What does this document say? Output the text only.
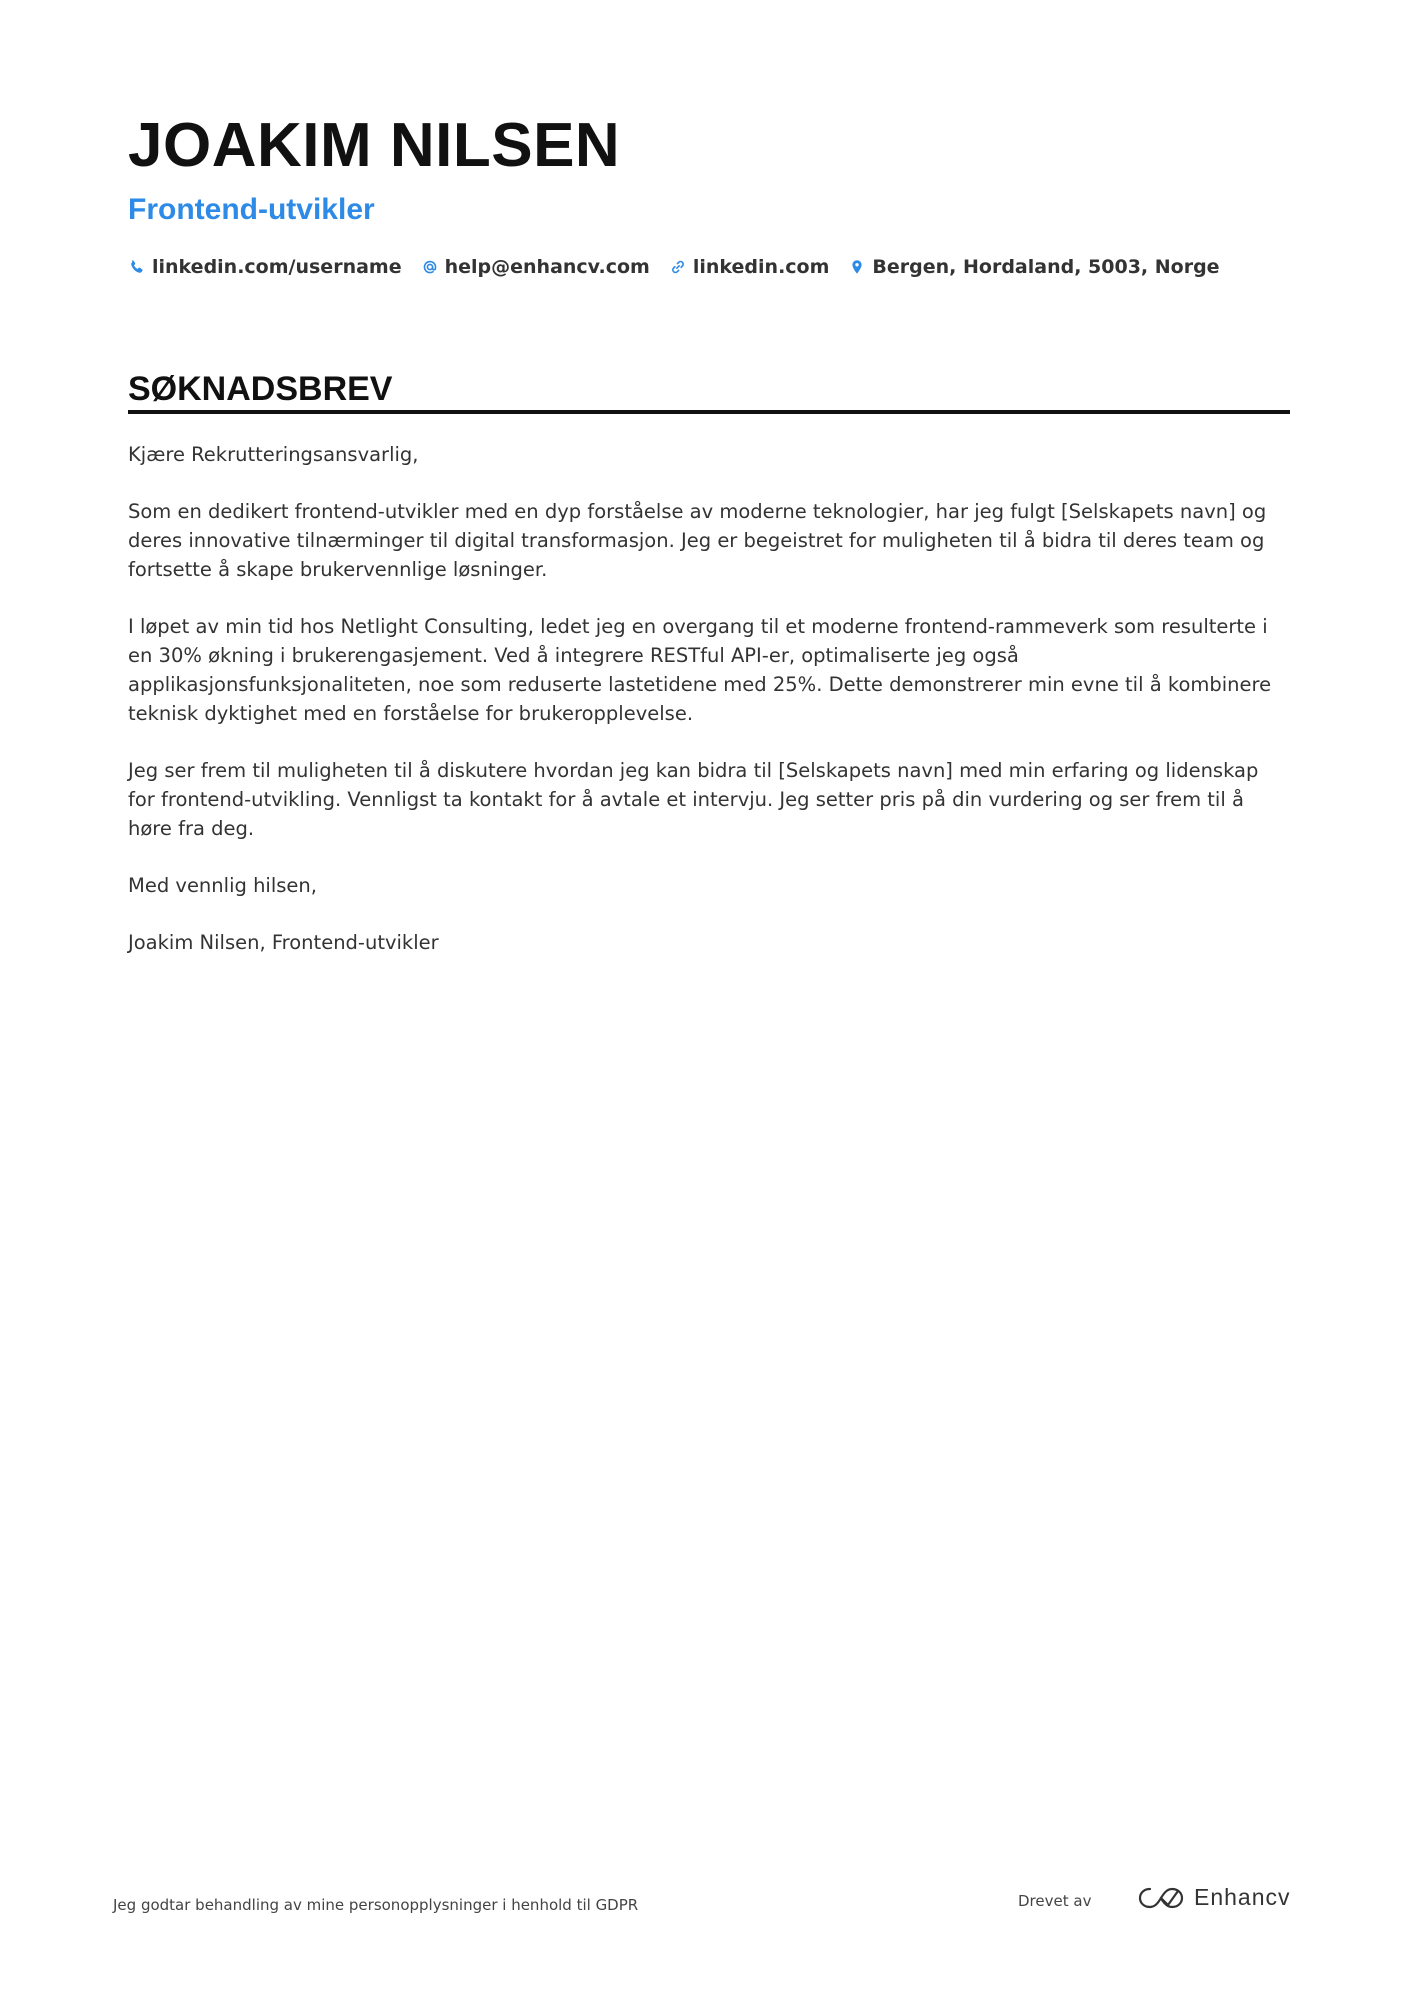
JOAKIM NILSEN
Frontend-utvikler
linkedin.com/username help@enhancv.com linkedin.com Bergen, Hordaland, 5003, Norge
SØKNADSBREV

Kjære Rekrutteringsansvarlig,

Som en dedikert frontend-utvikler med en dyp forståelse av moderne teknologier, har jeg fulgt [Selskapets navn] og deres innovative tilnærminger til digital transformasjon. Jeg er begeistret for muligheten til å bidra til deres team og fortsette å skape brukervennlige løsninger.

I løpet av min tid hos Netlight Consulting, ledet jeg en overgang til et moderne frontend-rammeverk som resulterte i en 30% økning i brukerengasjement. Ved å integrere RESTful API-er, optimaliserte jeg også applikasjonsfunksjonaliteten, noe som reduserte lastetidene med 25%. Dette demonstrerer min evne til å kombinere teknisk dyktighet med en forståelse for brukeropplevelse.

Jeg ser frem til muligheten til å diskutere hvordan jeg kan bidra til [Selskapets navn] med min erfaring og lidenskap for frontend-utvikling. Vennligst ta kontakt for å avtale et intervju. Jeg setter pris på din vurdering og ser frem til å høre fra deg.

Med vennlig hilsen,

Joakim Nilsen, Frontend-utvikler

Jeg godtar behandling av mine personopplysninger i henhold til GDPR	Drevet av	Enhancv
